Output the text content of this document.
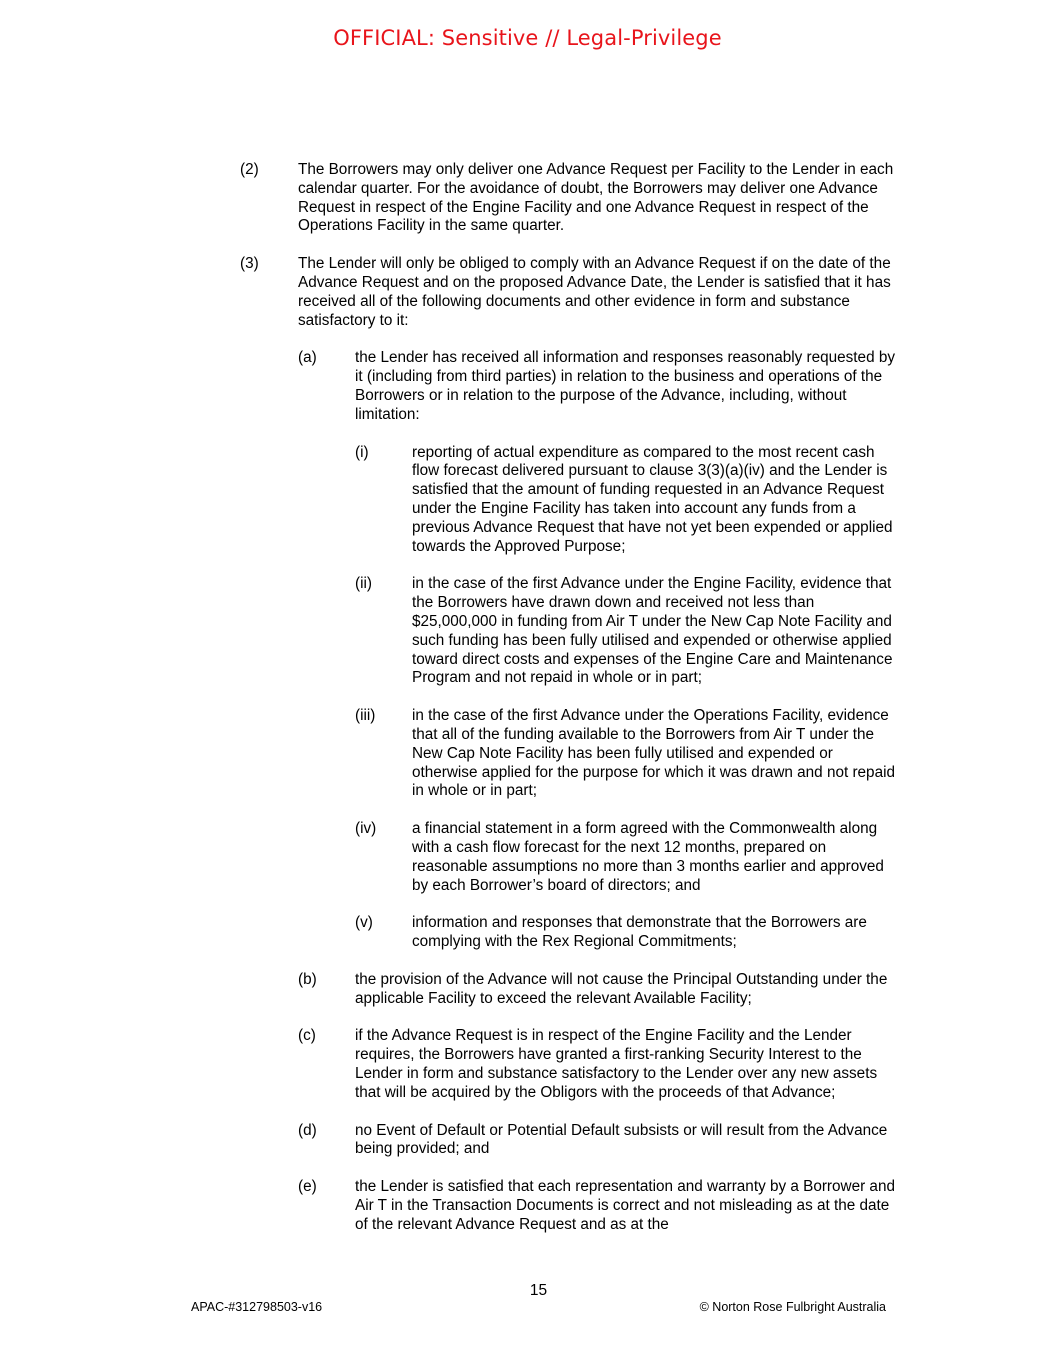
OFFICIAL: Sensitive // Legal-Privilege
(2)	The Borrowers may only deliver one Advance Request per Facility to the Lender in each calendar quarter. For the avoidance of doubt, the Borrowers may deliver one Advance Request in respect of the Engine Facility and one Advance Request in respect of the Operations Facility in the same quarter.
(3)	The Lender will only be obliged to comply with an Advance Request if on the date of the Advance Request and on the proposed Advance Date, the Lender is satisfied that it has received all of the following documents and other evidence in form and substance satisfactory to it:
(a)	the Lender has received all information and responses reasonably requested by it (including from third parties) in relation to the business and operations of the Borrowers or in relation to the purpose of the Advance, including, without limitation:
(i)	reporting of actual expenditure as compared to the most recent cash flow forecast delivered pursuant to clause 3(3)(a)(iv) and the Lender is satisfied that the amount of funding requested in an Advance Request under the Engine Facility has taken into account any funds from a previous Advance Request that have not yet been expended or applied towards the Approved Purpose;
(ii)	in the case of the first Advance under the Engine Facility, evidence that the Borrowers have drawn down and received not less than $25,000,000 in funding from Air T under the New Cap Note Facility and such funding has been fully utilised and expended or otherwise applied toward direct costs and expenses of the Engine Care and Maintenance Program and not repaid in whole or in part;
(iii) in the case of the first Advance under the Operations Facility, evidence that all of the funding available to the Borrowers from Air T under the New Cap Note Facility has been fully utilised and expended or otherwise applied for the purpose for which it was drawn and not repaid in whole or in part;
(iv) a financial statement in a form agreed with the Commonwealth along with a cash flow forecast for the next 12 months, prepared on reasonable assumptions no more than 3 months earlier and approved by each Borrower’s board of directors; and
(v)	information and responses that demonstrate that the Borrowers are complying with the Rex Regional Commitments;
(b)	the provision of the Advance will not cause the Principal Outstanding under the applicable Facility to exceed the relevant Available Facility;
(c)	if the Advance Request is in respect of the Engine Facility and the Lender requires, the Borrowers have granted a first-ranking Security Interest to the Lender in form and substance satisfactory to the Lender over any new assets that will be acquired by the Obligors with the proceeds of that Advance;
(d)	no Event of Default or Potential Default subsists or will result from the Advance being provided; and
(e)	the Lender is satisfied that each representation and warranty by a Borrower and Air T in the Transaction Documents is correct and not misleading as at the date of the relevant Advance Request and as at the
15
APAC-#312798503-v16	© Norton Rose Fulbright Australia
